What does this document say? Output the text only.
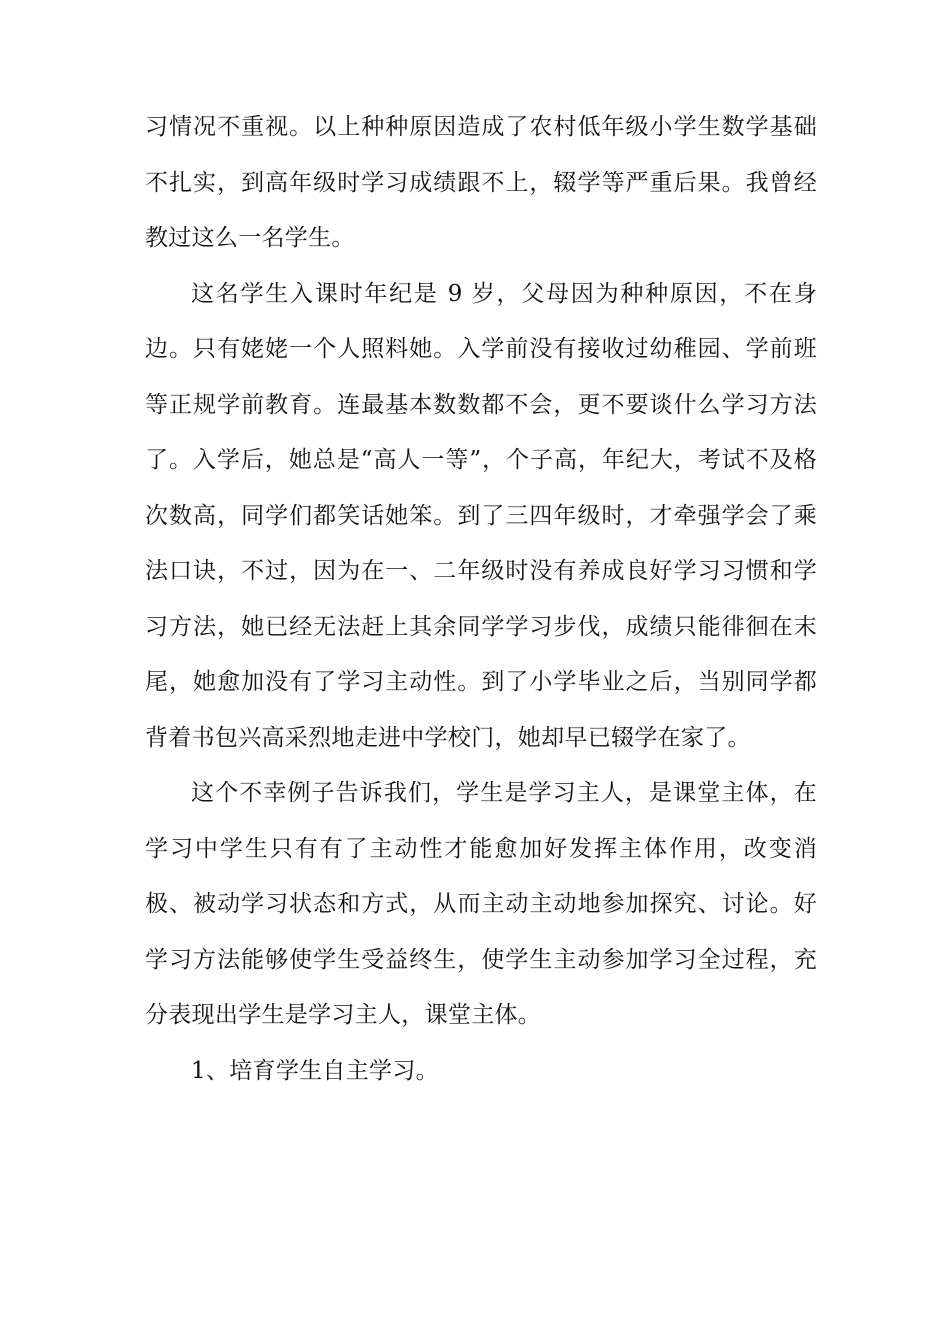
习情况不重视。以上种种原因造成了农村低年级小学生数学基础不扎实，到高年级时学习成绩跟不上，辍学等严重后果。我曾经教过这么一名学生。

这名学生入课时年纪是 9 岁，父母因为种种原因，不在身边。只有姥姥一个人照料她。入学前没有接收过幼稚园、学前班等正规学前教育。连最基本数数都不会，更不要谈什么学习方法了。入学后，她总是“高人一等”，个子高，年纪大，考试不及格次数高，同学们都笑话她笨。到了三四年级时，才牵强学会了乘法口诀，不过，因为在一、二年级时没有养成良好学习习惯和学习方法，她已经无法赶上其余同学学习步伐，成绩只能徘徊在末尾，她愈加没有了学习主动性。到了小学毕业之后，当别同学都背着书包兴高采烈地走进中学校门，她却早已辍学在家了。

这个不幸例子告诉我们，学生是学习主人，是课堂主体，在学习中学生只有有了主动性才能愈加好发挥主体作用，改变消极、被动学习状态和方式，从而主动主动地参加探究、讨论。好学习方法能够使学生受益终生，使学生主动参加学习全过程，充分表现出学生是学习主人，课堂主体。

1、培育学生自主学习。
